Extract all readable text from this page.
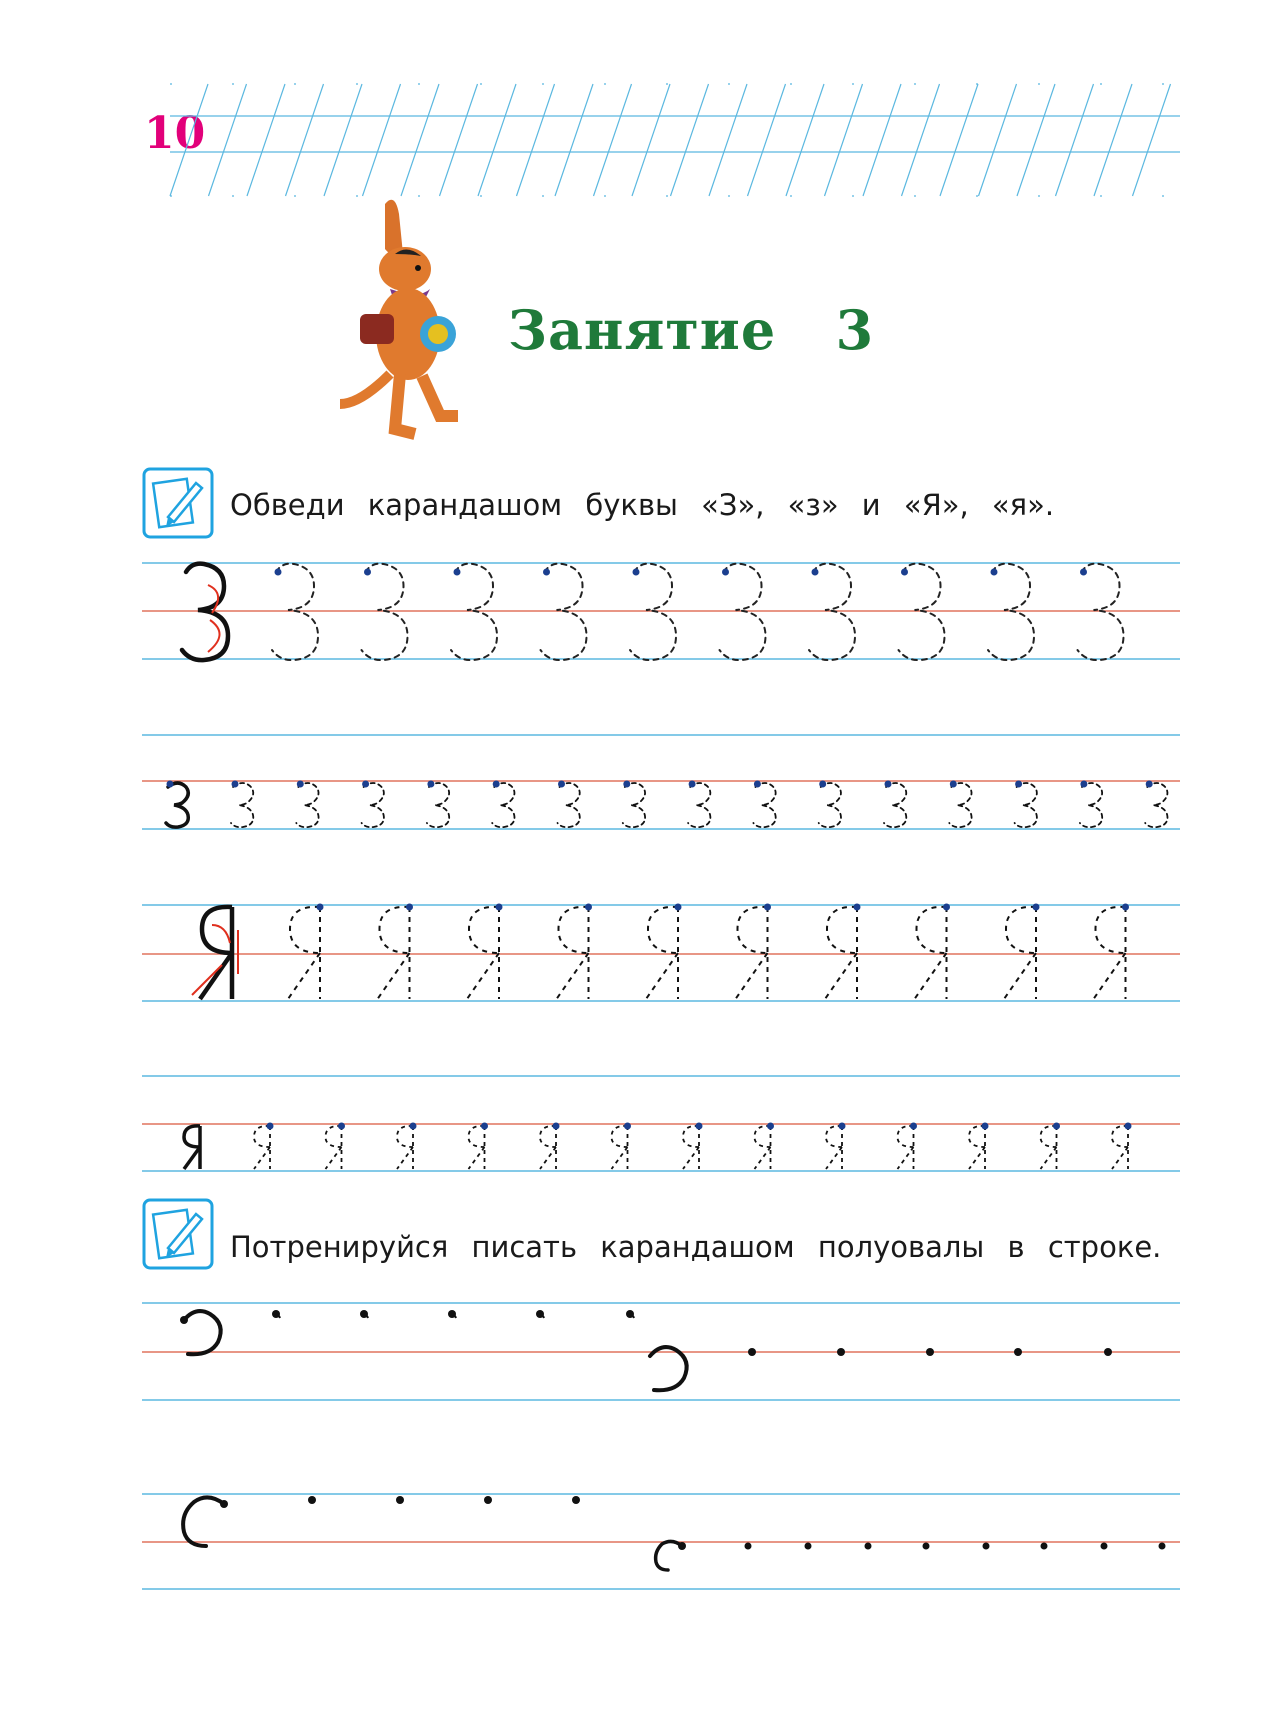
10
Занятие   3
Обведи карандашом буквы «З», «з» и «Я», «я».
Потренируйся писать карандашом полуовалы в строке.
